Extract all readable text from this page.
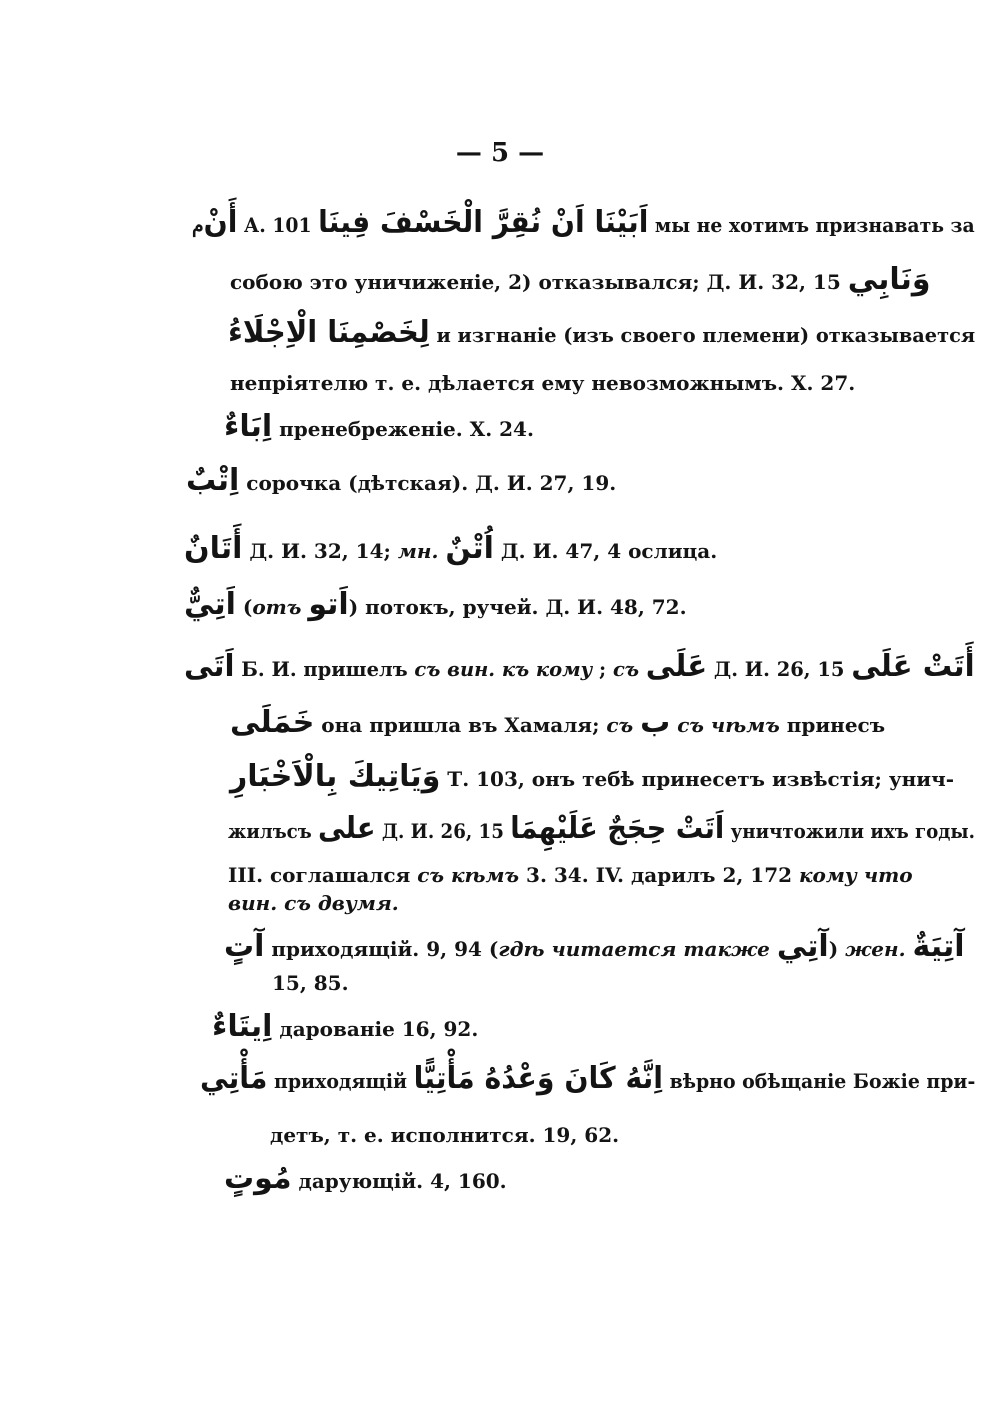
— 5 —
مأَنْ А. 101 اَبَيْنَا اَنْ نُقِرَّ الْخَسْفَ فِينَا мы не хотимъ признавать за
собою это уничиженіе, 2) отказывался; Д. И. 32, 15 وَنَابِي
لِخَصْمِنَا الْاِجْلَاءُ и изгнаніе (изъ своего племени) отказывается
непріятелю т. е. дѣлается ему невозможнымъ. Х. 27.
اِبَاءٌ пренебреженіе. Х. 24.
اِتْبٌ сорочка (дѣтская). Д. И. 27, 19.
أَتَانٌ Д. И. 32, 14; мн. اُتْنٌ Д. И. 47, 4 ослица.
اَتِيٌّ (отъ اَتو) потокъ, ручей. Д. И. 48, 72.
اَتَى Б. И. пришелъ съ вин. къ кому ; съ عَلَى Д. И. 26, 15 أَتَتْ عَلَى
خَمَلَى она пришла въ Хамаля; съ ب съ чѣмъ принесъ
وَيَاتِيكَ بِالْاَخْبَارِ Т. 103, онъ тебѣ принесетъ извѣстія; унич-
жилъсъ على Д. И. 26, 15 اَتَتْ حِجَجٌ عَلَيْهِمَا уничтожили ихъ годы.
III. соглашался съ кѣмъ 3. 34. IV. дарилъ 2, 172 кому что
вин. съ двумя.
آتٍ приходящій. 9, 94 (гдѣ читается также آتِي) жен. آتِيَةٌ
15, 85.
اِيتَاءٌ дарованіе 16, 92.
مَأْتِي приходящій اِنَّهُ كَانَ وَعْدُهُ مَأْتِيًّا вѣрно обѣщаніе Божіе при-
детъ, т. е. исполнится. 19, 62.
مُوتٍ дарующій. 4, 160.
